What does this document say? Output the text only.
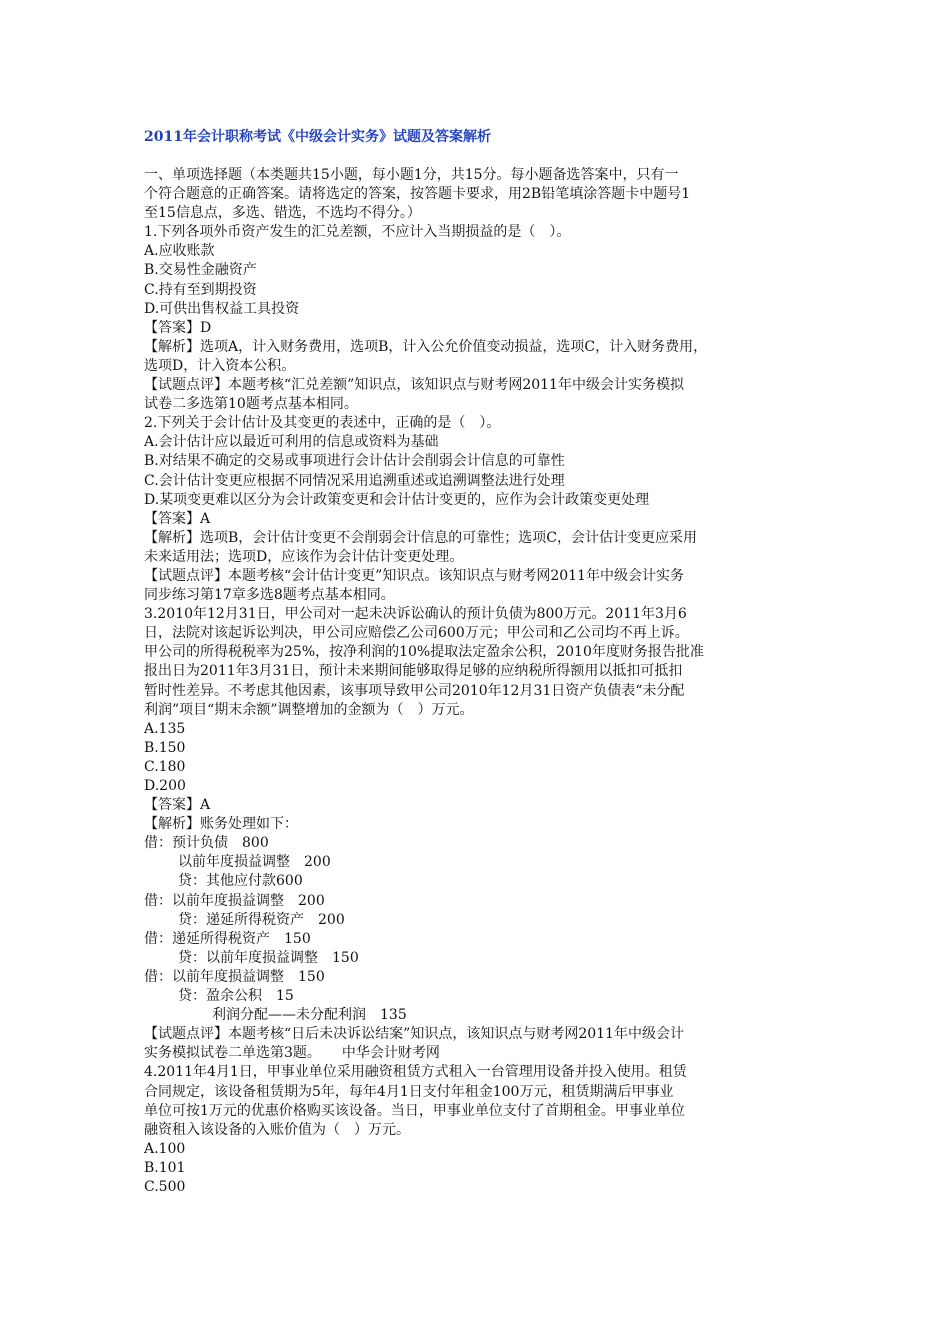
2011年会计职称考试《中级会计实务》试题及答案解析
一、单项选择题（本类题共15小题，每小题1分，共15分。每小题备选答案中，只有一
个符合题意的正确答案。请将选定的答案，按答题卡要求，用2B铅笔填涂答题卡中题号1
至15信息点，多选、错选，不选均不得分。）
1.下列各项外币资产发生的汇兑差额，不应计入当期损益的是（　）。
A.应收账款
B.交易性金融资产
C.持有至到期投资
D.可供出售权益工具投资
【答案】D
【解析】选项A，计入财务费用，选项B，计入公允价值变动损益，选项C，计入财务费用，
选项D，计入资本公积。
【试题点评】本题考核“汇兑差额”知识点，该知识点与财考网2011年中级会计实务模拟
试卷二多选第10题考点基本相同。
2.下列关于会计估计及其变更的表述中，正确的是（　）。
A.会计估计应以最近可利用的信息或资料为基础
B.对结果不确定的交易或事项进行会计估计会削弱会计信息的可靠性
C.会计估计变更应根据不同情况采用追溯重述或追溯调整法进行处理
D.某项变更难以区分为会计政策变更和会计估计变更的，应作为会计政策变更处理
【答案】A
【解析】选项B，会计估计变更不会削弱会计信息的可靠性；选项C，会计估计变更应采用
未来适用法；选项D，应该作为会计估计变更处理。
【试题点评】本题考核“会计估计变更”知识点。该知识点与财考网2011年中级会计实务
同步练习第17章多选8题考点基本相同。
3.2010年12月31日，甲公司对一起未决诉讼确认的预计负债为800万元。2011年3月6
日，法院对该起诉讼判决，甲公司应赔偿乙公司600万元；甲公司和乙公司均不再上诉。
甲公司的所得税税率为25%，按净利润的10%提取法定盈余公积，2010年度财务报告批准
报出日为2011年3月31日，预计未来期间能够取得足够的应纳税所得额用以抵扣可抵扣
暂时性差异。不考虑其他因素，该事项导致甲公司2010年12月31日资产负债表“未分配
利润”项目“期末余额”调整增加的金额为（　）万元。
A.135
B.150
C.180
D.200
【答案】A
【解析】账务处理如下：
借：预计负债　800
以前年度损益调整　200
贷：其他应付款600
借：以前年度损益调整　200
贷：递延所得税资产　200
借：递延所得税资产　150
贷：以前年度损益调整　150
借：以前年度损益调整　150
贷：盈余公积　15
利润分配——未分配利润　135
【试题点评】本题考核“日后未决诉讼结案”知识点，该知识点与财考网2011年中级会计
实务模拟试卷二单选第3题。　　中华会计财考网
4.2011年4月1日，甲事业单位采用融资租赁方式租入一台管理用设备并投入使用。租赁
合同规定，该设备租赁期为5年，每年4月1日支付年租金100万元，租赁期满后甲事业
单位可按1万元的优惠价格购买该设备。当日，甲事业单位支付了首期租金。甲事业单位
融资租入该设备的入账价值为（　）万元。
A.100
B.101
C.500
